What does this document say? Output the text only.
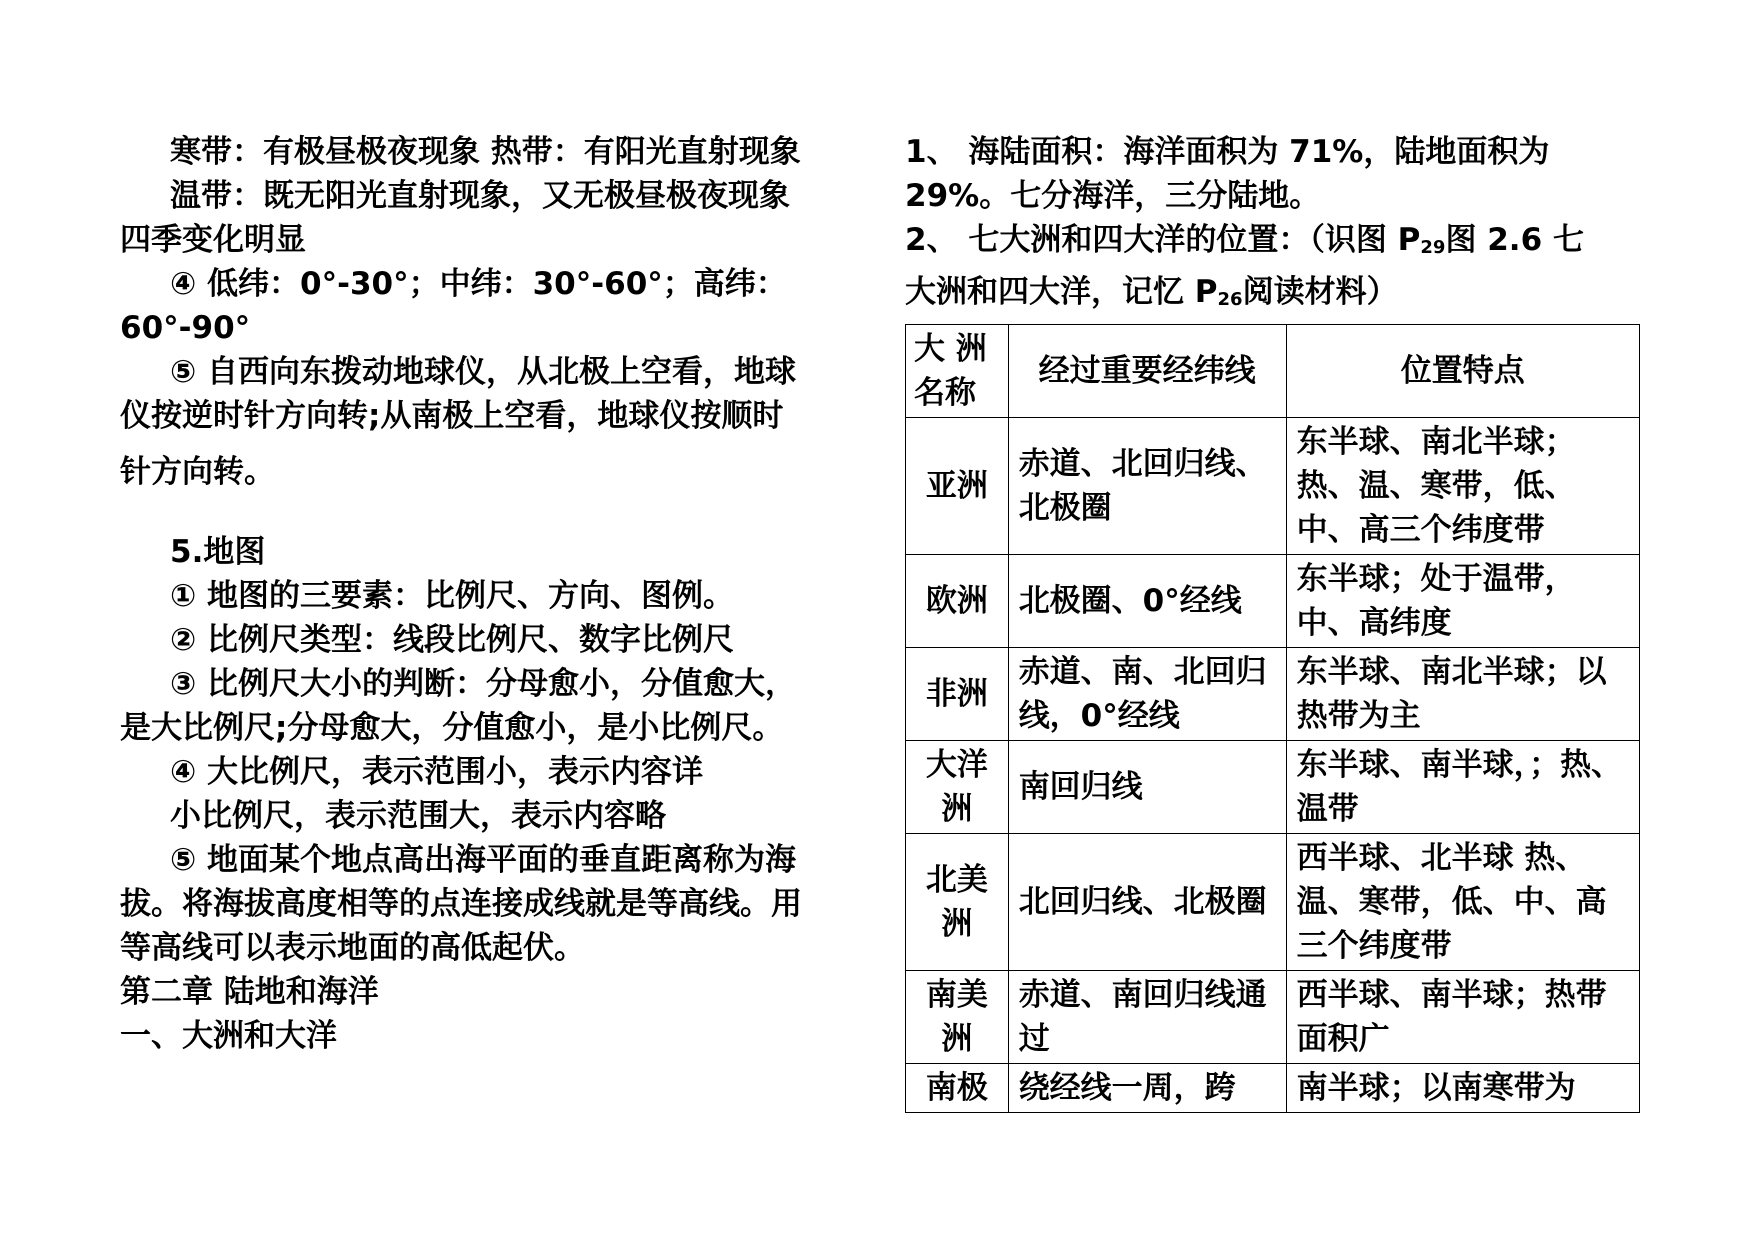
寒带：有极昼极夜现象 热带：有阳光直射现象

温带：既无阳光直射现象，又无极昼极夜现象

四季变化明显

④ 低纬：0°-30°；中纬：30°-60°；高纬：

60°-90°

⑤ 自西向东拨动地球仪，从北极上空看，地球

仪按逆时针方向转;从南极上空看，地球仪按顺时

针方向转。

5.地图

① 地图的三要素：比例尺、方向、图例。

② 比例尺类型：线段比例尺、数字比例尺

③ 比例尺大小的判断：分母愈小，分值愈大，

是大比例尺;分母愈大，分值愈小，是小比例尺。

④ 大比例尺，表示范围小，表示内容详

小比例尺，表示范围大，表示内容略

⑤ 地面某个地点高出海平面的垂直距离称为海

拔。将海拔高度相等的点连接成线就是等高线。用

等高线可以表示地面的高低起伏。

第二章 陆地和海洋

一、大洲和大洋

1、 海陆面积：海洋面积为 71%，陆地面积为

29%。七分海洋，三分陆地。

2、 七大洲和四大洋的位置：（识图 $P_{29}$图 2.6 七

大洲和四大洋，记忆 $P_{26}$阅读材料）

大 洲名称	经过重要经纬线	位置特点
亚洲	赤道、北回归线、北极圈	东半球、南北半球；热、温、寒带，低、中、高三个纬度带
欧洲	北极圈、0°经线	东半球；处于温带，中、高纬度
非洲	赤道、南、北回归线，0°经线	东半球、南北半球；以热带为主
大洋洲	南回归线	东半球、南半球，；热、温带
北美洲	北回归线、北极圈	西半球、北半球 热、温、寒带，低、中、高三个纬度带
南美洲	赤道、南回归线通过	西半球、南半球；热带面积广
南极	绕经线一周，跨	南半球；以南寒带为
